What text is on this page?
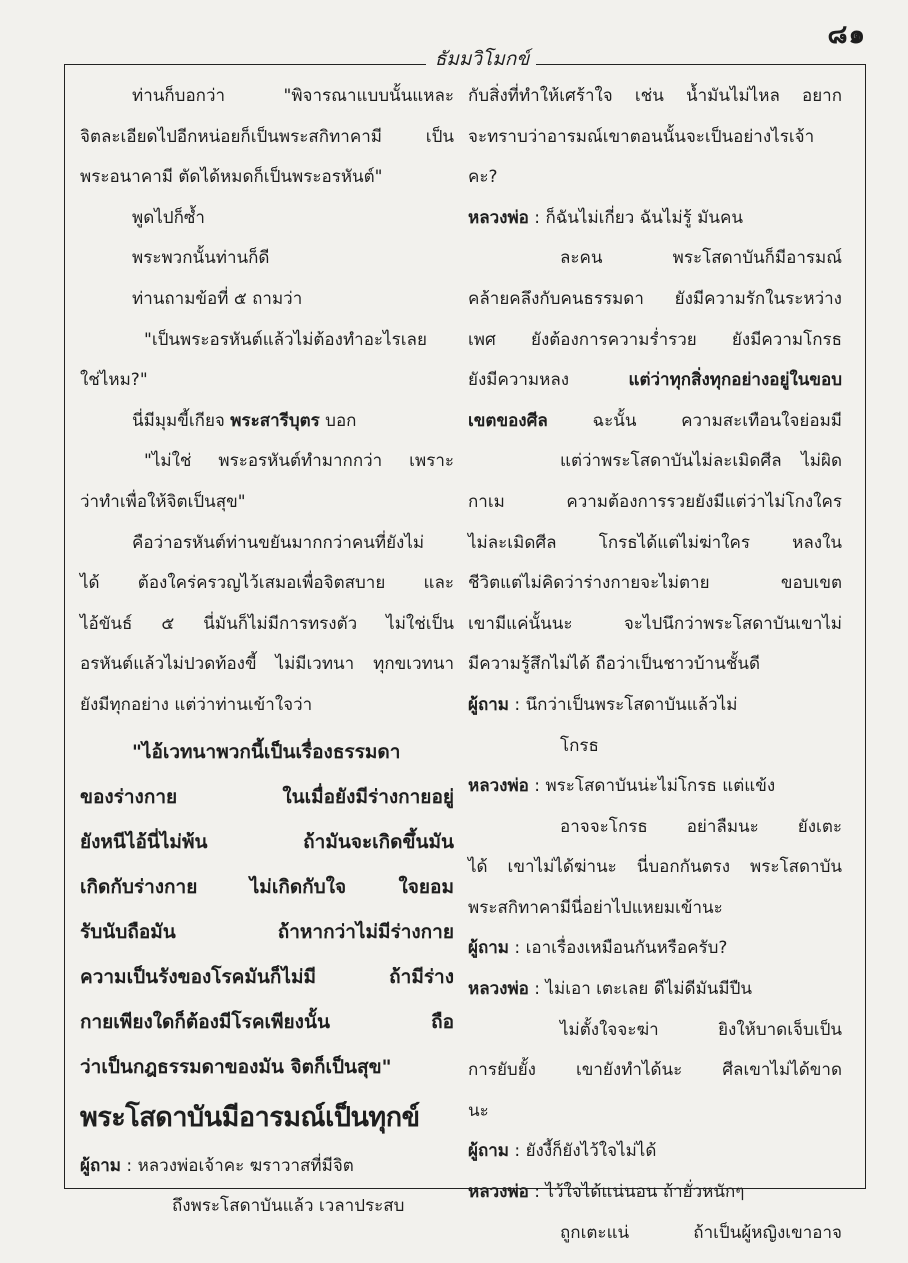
๘๑
ธัมมวิโมกข์

ท่านก็บอกว่า "พิจารณาแบบนั้นแหละ

จิตละเอียดไปอีกหน่อยก็เป็นพระสกิทาคามี เป็น

พระอนาคามี ตัดได้หมดก็เป็นพระอรหันต์"

พูดไปก็ซ้ำ

พระพวกนั้นท่านก็ดี

ท่านถามข้อที่ ๕ ถามว่า

"เป็นพระอรหันต์แล้วไม่ต้องทำอะไรเลย

ใช่ไหม?"

นี่มีมุมขี้เกียจ พระสารีบุตร บอก

"ไม่ใช่ พระอรหันต์ทำมากกว่า เพราะ

ว่าทำเพื่อให้จิตเป็นสุข"

คือว่าอรหันต์ท่านขยันมากกว่าคนที่ยังไม่

ได้ ต้องใคร่ครวญไว้เสมอเพื่อจิตสบาย และ

ไอ้ขันธ์ ๕ นี่มันก็ไม่มีการทรงตัว ไม่ใช่เป็น

อรหันต์แล้วไม่ปวดท้องขี้ ไม่มีเวทนา ทุกขเวทนา

ยังมีทุกอย่าง แต่ว่าท่านเข้าใจว่า

"ไอ้เวทนาพวกนี้เป็นเรื่องธรรมดา

ของร่างกาย ในเมื่อยังมีร่างกายอยู่

ยังหนีไอ้นี่ไม่พ้น ถ้ามันจะเกิดขึ้นมัน

เกิดกับร่างกาย ไม่เกิดกับใจ ใจยอม

รับนับถือมัน ถ้าหากว่าไม่มีร่างกาย

ความเป็นรังของโรคมันก็ไม่มี ถ้ามีร่าง

กายเพียงใดก็ต้องมีโรคเพียงนั้น ถือ

ว่าเป็นกฎธรรมดาของมัน จิตก็เป็นสุข"

พระโสดาบันมีอารมณ์เป็นทุกข์

ผู้ถาม : หลวงพ่อเจ้าคะ ฆราวาสที่มีจิต

ถึงพระโสดาบันแล้ว เวลาประสบ

กับสิ่งที่ทำให้เศร้าใจ เช่น น้ำมันไม่ไหล อยาก

จะทราบว่าอารมณ์เขาตอนนั้นจะเป็นอย่างไรเจ้า

คะ?

หลวงพ่อ : ก็ฉันไม่เกี่ยว ฉันไม่รู้ มันคน

ละคน พระโสดาบันก็มีอารมณ์

คล้ายคลึงกับคนธรรมดา ยังมีความรักในระหว่าง

เพศ ยังต้องการความร่ำรวย ยังมีความโกรธ

ยังมีความหลง แต่ว่าทุกสิ่งทุกอย่างอยู่ในขอบ

เขตของศีล ฉะนั้น ความสะเทือนใจย่อมมี

แต่ว่าพระโสดาบันไม่ละเมิดศีล ไม่ผิด

กาเม ความต้องการรวยยังมีแต่ว่าไม่โกงใคร

ไม่ละเมิดศีล โกรธได้แต่ไม่ฆ่าใคร หลงใน

ชีวิตแต่ไม่คิดว่าร่างกายจะไม่ตาย ขอบเขต

เขามีแค่นั้นนะ จะไปนึกว่าพระโสดาบันเขาไม่

มีความรู้สึกไม่ได้ ถือว่าเป็นชาวบ้านชั้นดี

ผู้ถาม : นึกว่าเป็นพระโสดาบันแล้วไม่

โกรธ

หลวงพ่อ : พระโสดาบันน่ะไม่โกรธ แต่แข้ง

อาจจะโกรธ อย่าลืมนะ ยังเตะ

ได้ เขาไม่ได้ฆ่านะ นี่บอกกันตรง พระโสดาบัน

พระสกิทาคามีนี่อย่าไปแหยมเข้านะ

ผู้ถาม : เอาเรื่องเหมือนกันหรือครับ?

หลวงพ่อ : ไม่เอา เตะเลย ดีไม่ดีมันมีปืน

ไม่ตั้งใจจะฆ่า ยิงให้บาดเจ็บเป็น

การยับยั้ง เขายังทำได้นะ ศีลเขาไม่ได้ขาด

นะ

ผู้ถาม : ยังงี้ก็ยังไว้ใจไม่ได้

หลวงพ่อ : ไว้ใจได้แน่นอน ถ้ายั่วหนักๆ

ถูกเตะแน่ ถ้าเป็นผู้หญิงเขาอาจ
